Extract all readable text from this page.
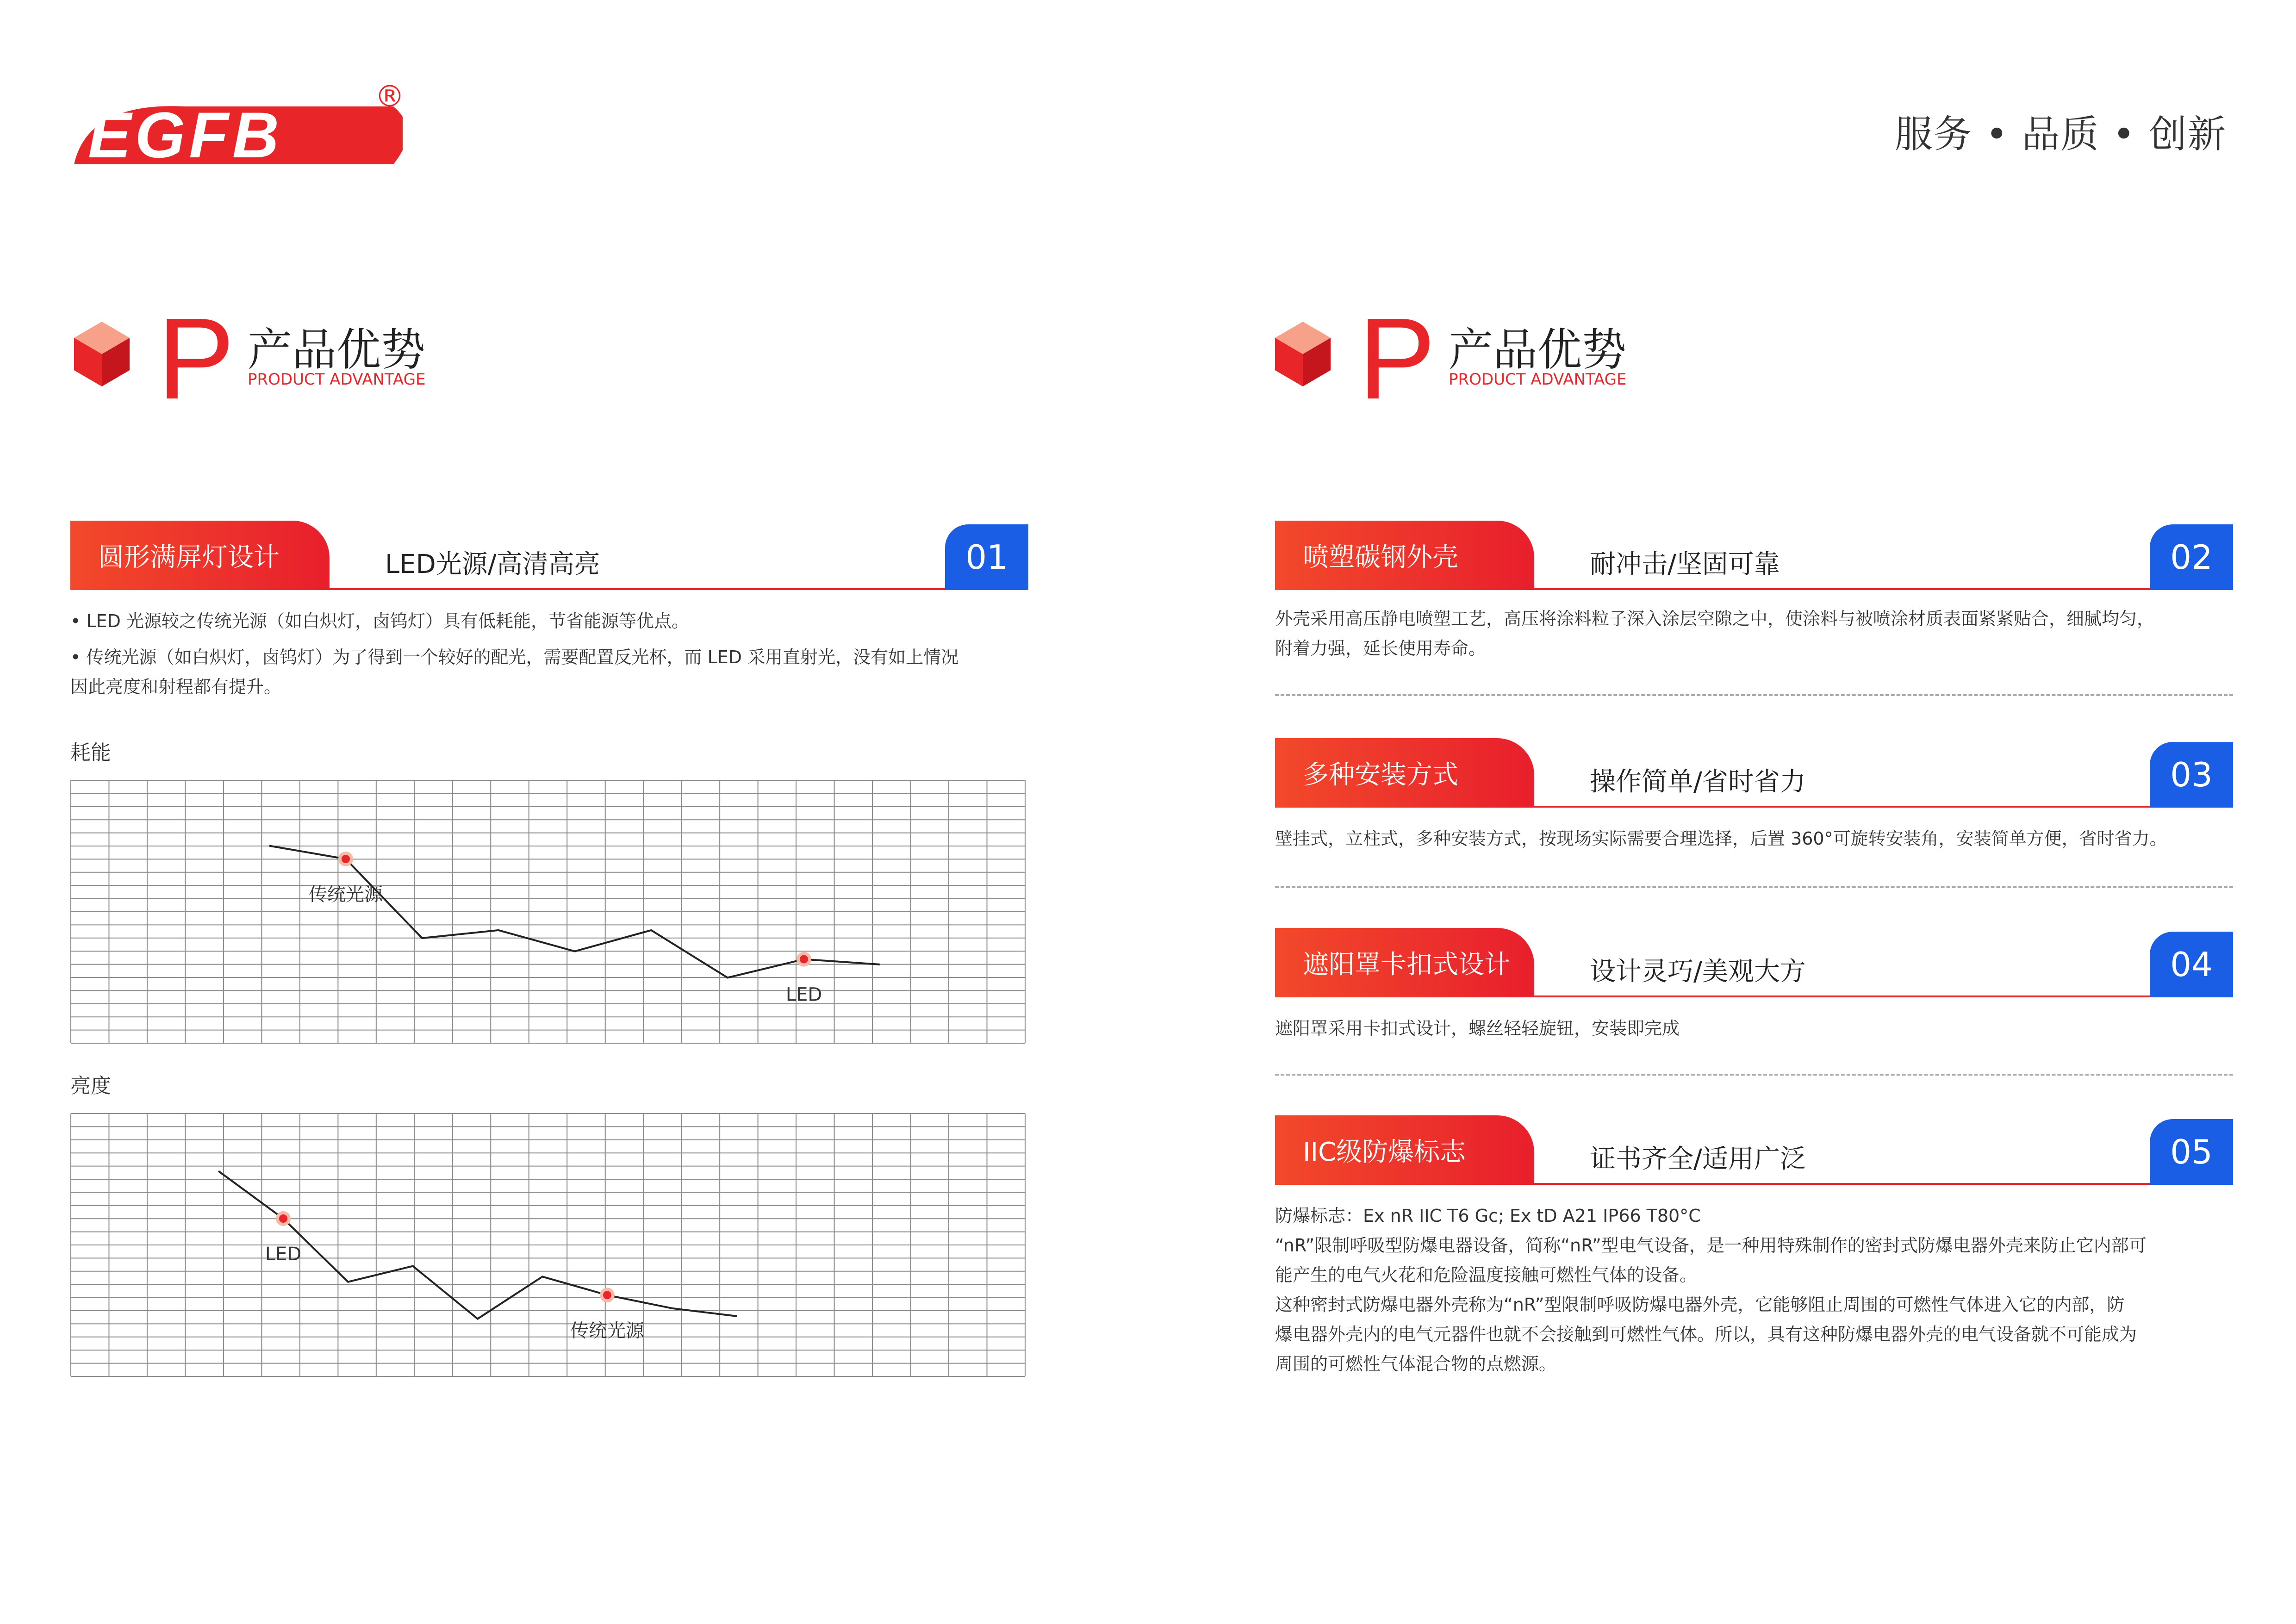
EGFB
®
服务 • 品质 • 创新
P 产品优势
PRODUCT ADVANTAGE	P 产品优势
PRODUCT ADVANTAGE
圆形满屏灯设计	LED光源/高清高亮	01
• LED 光源较之传统光源（如白炽灯，卤钨灯）具有低耗能，节省能源等优点。
• 传统光源（如白炽灯，卤钨灯）为了得到一个较好的配光，需要配置反光杯，而 LED 采用直射光，没有如上情况
因此亮度和射程都有提升。
耗能
传统光源
LED
亮度
LED
传统光源
喷塑碳钢外壳	耐冲击/坚固可靠	02
外壳采用高压静电喷塑工艺，高压将涂料粒子深入涂层空隙之中，使涂料与被喷涂材质表面紧紧贴合，细腻均匀，
附着力强，延长使用寿命。
多种安装方式	操作简单/省时省力	03
壁挂式，立柱式，多种安装方式，按现场实际需要合理选择，后置 360°可旋转安装角，安装简单方便，省时省力。
遮阳罩卡扣式设计	设计灵巧/美观大方	04
遮阳罩采用卡扣式设计，螺丝轻轻旋钮，安装即完成
IIC级防爆标志	证书齐全/适用广泛	05
防爆标志：Ex nR IIC T6 Gc; Ex tD A21 IP66 T80°C
“nR”限制呼吸型防爆电器设备，简称“nR”型电气设备，是一种用特殊制作的密封式防爆电器外壳来防止它内部可
能产生的电气火花和危险温度接触可燃性气体的设备。
这种密封式防爆电器外壳称为“nR”型限制呼吸防爆电器外壳，它能够阻止周围的可燃性气体进入它的内部，防
爆电器外壳内的电气元器件也就不会接触到可燃性气体。所以，具有这种防爆电器外壳的电气设备就不可能成为
周围的可燃性气体混合物的点燃源。
